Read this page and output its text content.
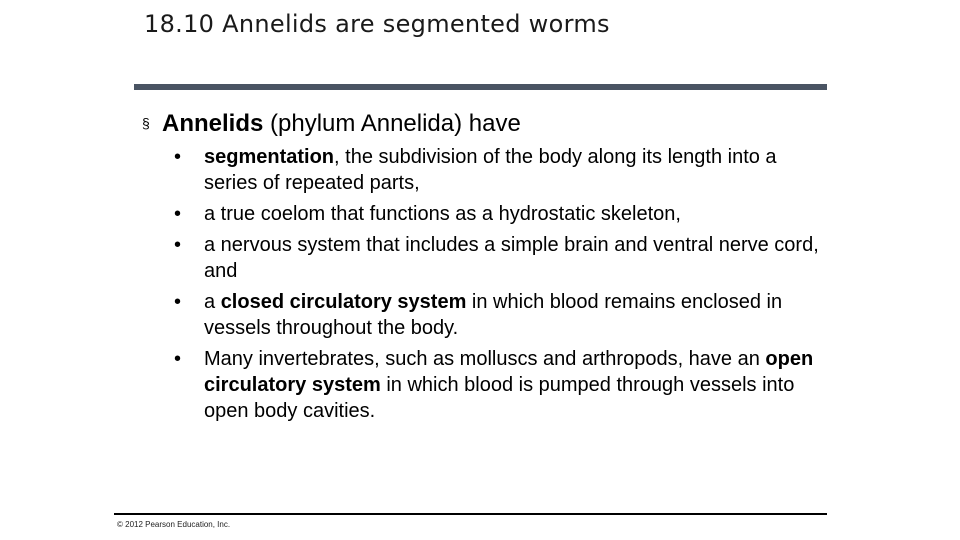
18.10 Annelids are segmented worms
§ Annelids (phylum Annelida) have
•	segmentation, the subdivision of the body along its length into a series of repeated parts,
•	a true coelom that functions as a hydrostatic skeleton,
•	a nervous system that includes a simple brain and ventral nerve cord, and
•	a closed circulatory system in which blood remains enclosed in vessels throughout the body.
•	Many invertebrates, such as molluscs and arthropods, have an open circulatory system in which blood is pumped through vessels into open body cavities.
© 2012 Pearson Education, Inc.
